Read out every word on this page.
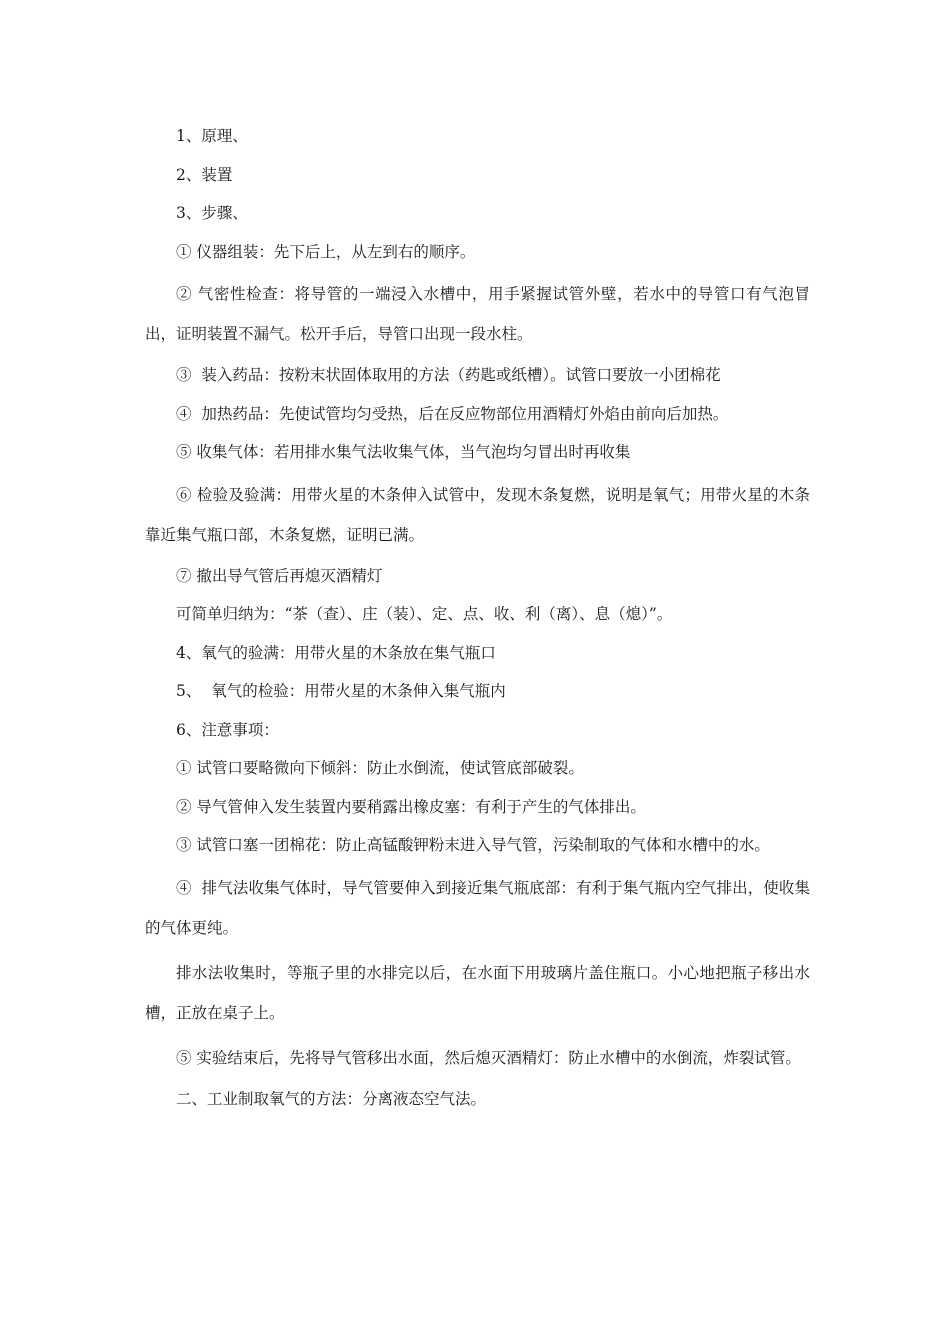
1、原理、

2、装置

3、步骤、

① 仪器组装：先下后上，从左到右的顺序。

② 气密性检查：将导管的一端浸入水槽中，用手紧握试管外壁，若水中的导管口有气泡冒出，证明装置不漏气。松开手后，导管口出现一段水柱。

③  装入药品：按粉末状固体取用的方法（药匙或纸槽）。试管口要放一小团棉花

④  加热药品：先使试管均匀受热，后在反应物部位用酒精灯外焰由前向后加热。

⑤ 收集气体：若用排水集气法收集气体，当气泡均匀冒出时再收集

⑥ 检验及验满：用带火星的木条伸入试管中，发现木条复燃，说明是氧气；用带火星的木条靠近集气瓶口部，木条复燃，证明已满。

⑦ 撤出导气管后再熄灭酒精灯

可简单归纳为：“茶（查）、庄（装）、定、点、收、利（离）、息（熄）”。

4、氧气的验满：用带火星的木条放在集气瓶口

5、  氧气的检验：用带火星的木条伸入集气瓶内

6、注意事项：

① 试管口要略微向下倾斜：防止水倒流，使试管底部破裂。

② 导气管伸入发生装置内要稍露出橡皮塞：有利于产生的气体排出。

③ 试管口塞一团棉花：防止高锰酸钾粉末进入导气管，污染制取的气体和水槽中的水。

④  排气法收集气体时，导气管要伸入到接近集气瓶底部：有利于集气瓶内空气排出，使收集的气体更纯。

排水法收集时，等瓶子里的水排完以后，在水面下用玻璃片盖住瓶口。小心地把瓶子移出水槽，正放在桌子上。

⑤ 实验结束后，先将导气管移出水面，然后熄灭酒精灯：防止水槽中的水倒流，炸裂试管。

二、工业制取氧气的方法：分离液态空气法。
